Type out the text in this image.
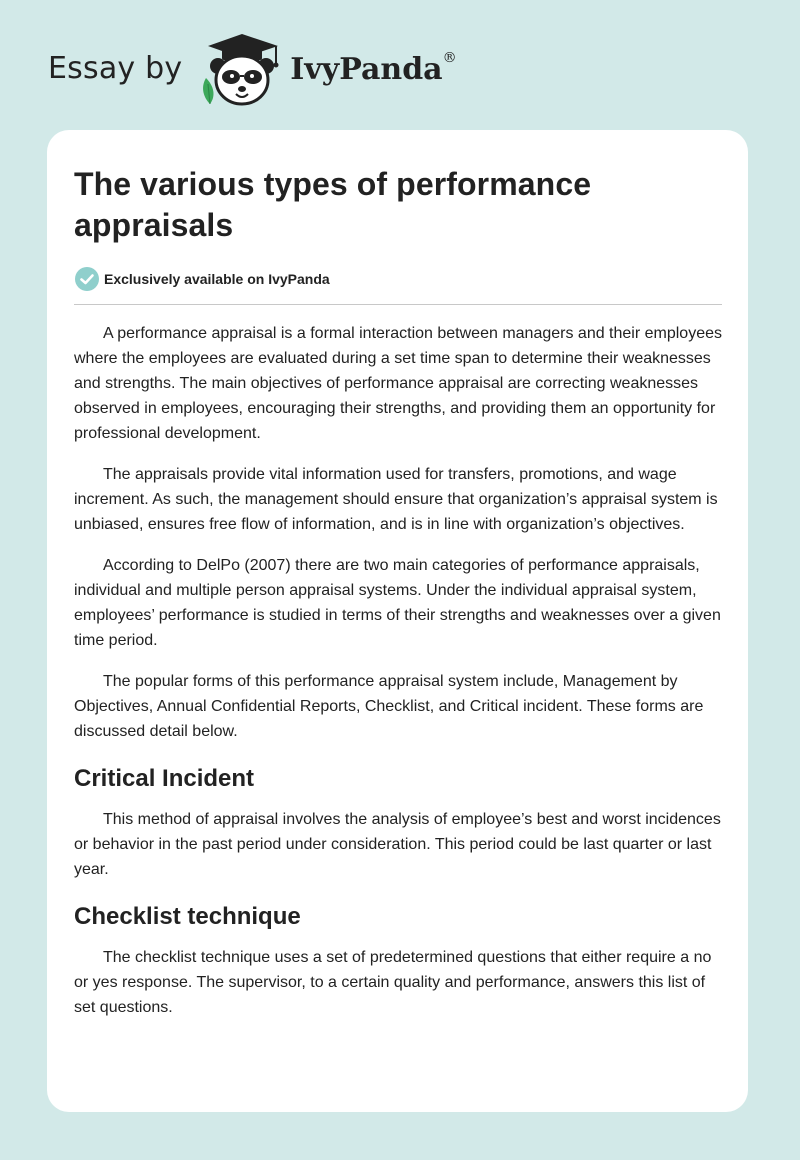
Essay by	IvyPanda®
The various types of performance appraisals
Exclusively available on IvyPanda

A performance appraisal is a formal interaction between managers and their employees where the employees are evaluated during a set time span to determine their weaknesses and strengths. The main objectives of performance appraisal are correcting weaknesses observed in employees, encouraging their strengths, and providing them an opportunity for professional development.

The appraisals provide vital information used for transfers, promotions, and wage increment. As such, the management should ensure that organization’s appraisal system is unbiased, ensures free flow of information, and is in line with organization’s objectives.

According to DelPo (2007) there are two main categories of performance appraisals, individual and multiple person appraisal systems. Under the individual appraisal system, employees’ performance is studied in terms of their strengths and weaknesses over a given time period.

The popular forms of this performance appraisal system include, Management by Objectives, Annual Confidential Reports, Checklist, and Critical incident. These forms are discussed detail below.

Critical Incident

This method of appraisal involves the analysis of employee’s best and worst incidences or behavior in the past period under consideration. This period could be last quarter or last year.

Checklist technique

The checklist technique uses a set of predetermined questions that either require a no or yes response. The supervisor, to a certain quality and performance, answers this list of set questions.
